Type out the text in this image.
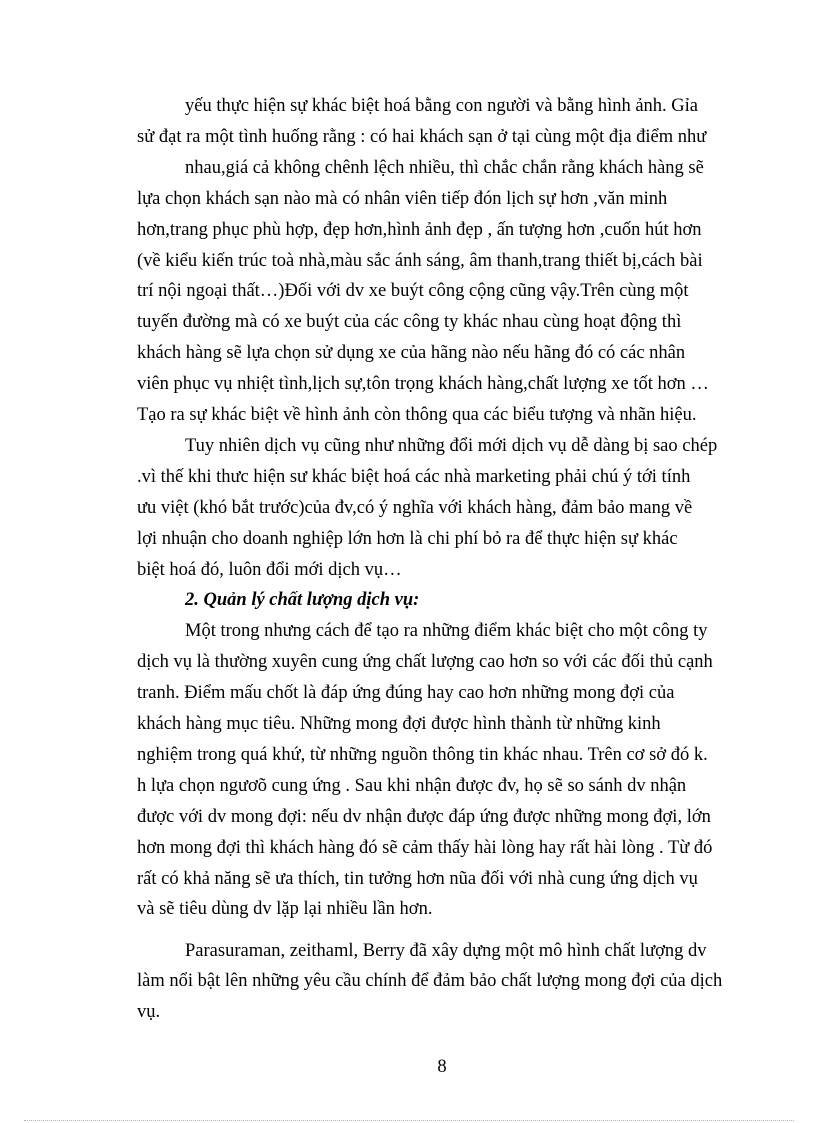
yếu thực hiện sự khác biệt hoá bằng con người và bằng hình ảnh. Gỉa
sử đạt ra một tình huống rằng : có hai khách sạn ở tại cùng một địa điểm như
nhau,giá cả không chênh lệch nhiều, thì chắc chắn rằng khách hàng sẽ
lựa chọn khách sạn nào mà có nhân viên tiếp đón lịch sự hơn ,văn minh
hơn,trang phục phù hợp, đẹp hơn,hình ảnh đẹp , ấn tượng hơn ,cuốn hút hơn
(về kiểu kiến trúc toà nhà,màu sắc ánh sáng, âm thanh,trang thiết bị,cách bài
trí nội ngoại thất…)Đối với dv xe buýt công cộng cũng vậy.Trên cùng một
tuyến đường mà có xe buýt của các công ty khác nhau cùng hoạt động thì
khách hàng sẽ lựa chọn sử dụng xe của hãng nào nếu hãng đó có các nhân
viên phục vụ nhiệt tình,lịch sự,tôn trọng khách hàng,chất lượng xe tốt hơn …
Tạo ra sự khác biệt về hình ảnh còn thông qua các biểu tượng và nhãn hiệu.
Tuy nhiên dịch vụ cũng như những đổi mới dịch vụ dễ dàng bị sao chép
.vì thế khi thưc hiện sư khác biệt hoá các nhà marketing phải chú ý tới tính
ưu việt (khó bắt trước)của đv,có ý nghĩa với khách hàng, đảm bảo mang về
lợi nhuận cho doanh nghiệp lớn hơn là chi phí bỏ ra để thực hiện sự khác
biệt hoá đó, luôn đổi mới dịch vụ…
2. Quản lý chất lượng dịch vụ:
Một trong nhưng cách để tạo ra những điểm khác biệt cho một công ty
dịch vụ là thường xuyên cung ứng chất lượng cao hơn so với các đối thủ cạnh
tranh. Điểm mấu chốt là đáp ứng đúng hay cao hơn những mong đợi của
khách hàng mục tiêu. Những mong đợi được hình thành từ những kinh
nghiệm trong quá khứ, từ những nguồn thông tin khác nhau. Trên cơ sở đó k.
h lựa chọn ngươõ cung ứng . Sau khi nhận được đv, họ sẽ so sánh dv nhận
được với dv mong đợi: nếu dv nhận được đáp ứng được những mong đợi, lớn
hơn mong đợi thì khách hàng đó sẽ cảm thấy hài lòng hay rất hài lòng . Từ đó
rất có khả năng sẽ ưa thích, tin tưởng hơn nũa đối với nhà cung ứng dịch vụ
và sẽ tiêu dùng dv lặp lại nhiều lần hơn.
Parasuraman, zeithaml, Berry đã xây dựng một mô hình chất lượng dv
làm nổi bật lên những yêu cầu chính để đảm bảo chất lượng mong đợi của dịch
vụ.
8
